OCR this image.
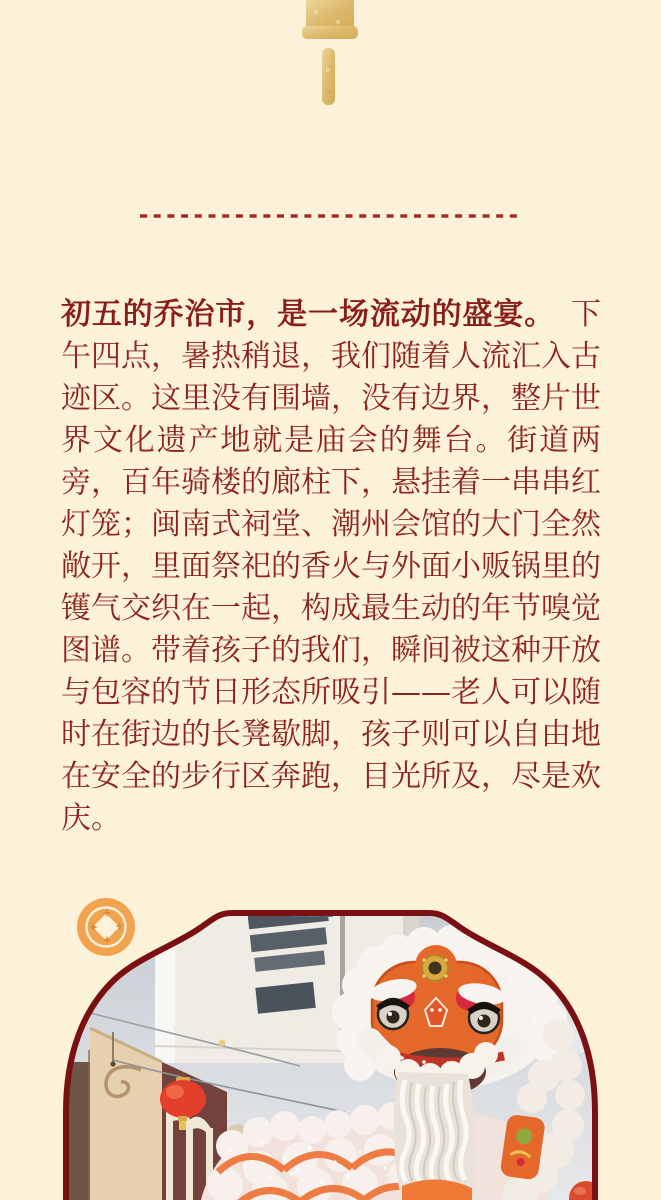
初五的乔治市，是一场流动的盛宴。　下午四点，暑热稍退，我们随着人流汇入古迹区。这里没有围墙，没有边界，整片世界文化遗产地就是庙会的舞台。街道两旁，百年骑楼的廊柱下，悬挂着一串串红灯笼；闽南式祠堂、潮州会馆的大门全然敞开，里面祭祀的香火与外面小贩锅里的镬气交织在一起，构成最生动的年节嗅觉图谱。带着孩子的我们，瞬间被这种开放与包容的节日形态所吸引——老人可以随时在街边的长凳歇脚，孩子则可以自由地在安全的步行区奔跑，目光所及，尽是欢庆。
